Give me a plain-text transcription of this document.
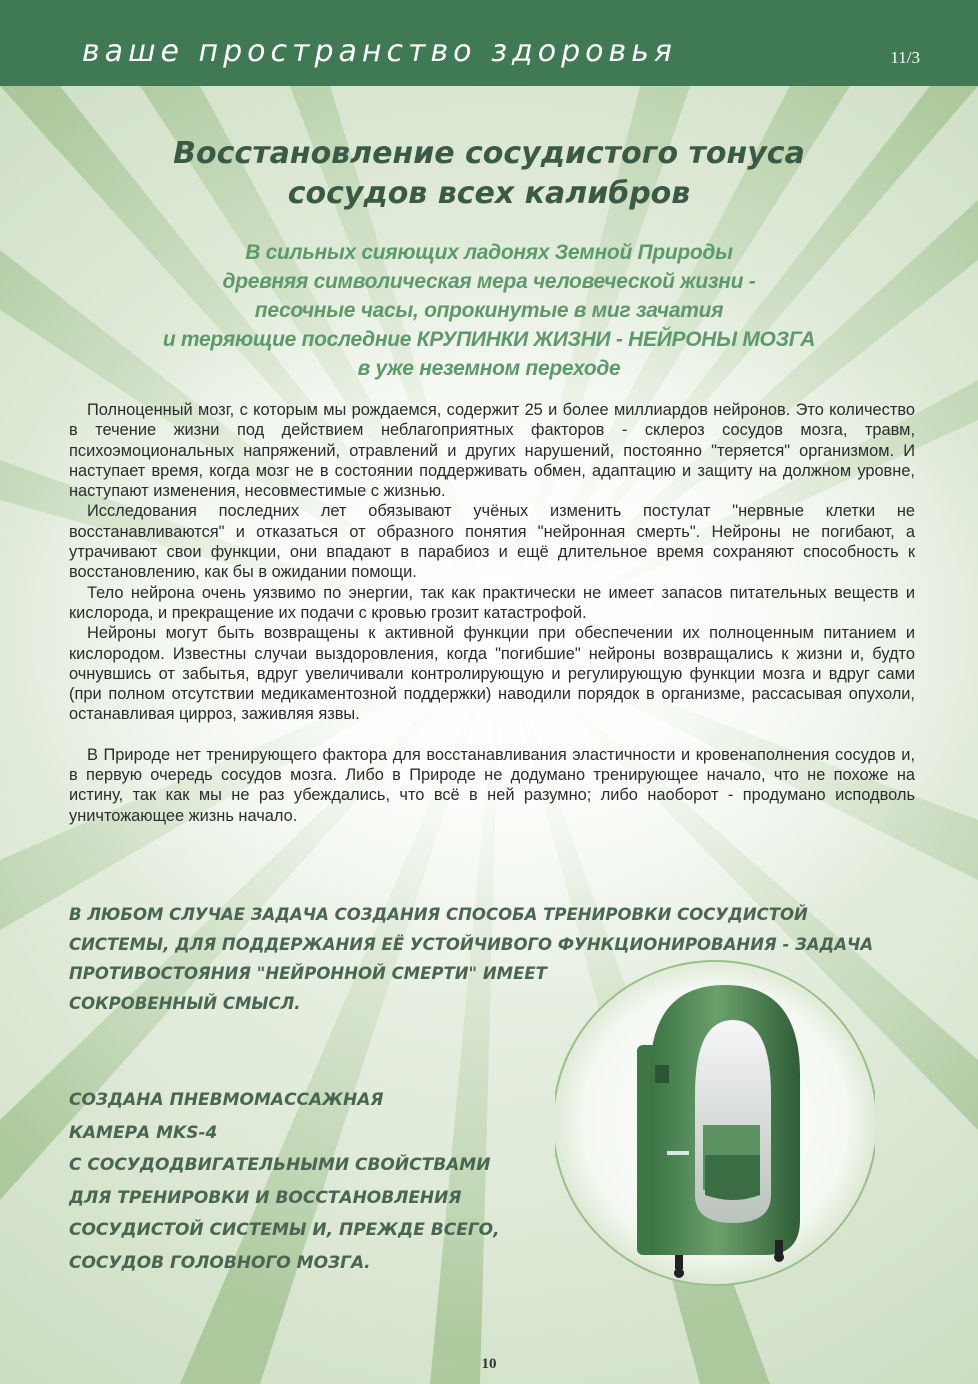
ваше пространство здоровья	11/3
Восстановление сосудистого тонуса
сосудов всех калибров
В сильных сияющих ладонях Земной Природы
древняя символическая мера человеческой жизни -
песочные часы, опрокинутые в миг зачатия
и теряющие последние КРУПИНКИ ЖИЗНИ - НЕЙРОНЫ МОЗГА
в уже неземном переходе

Полноценный мозг, с которым мы рождаемся, содержит 25 и более миллиардов нейронов. Это количество в течение жизни под действием неблагоприятных факторов - склероз сосудов мозга, травм, психоэмоциональных напряжений, отравлений и других нарушений, постоянно "теряется" организмом. И наступает время, когда мозг не в состоянии поддерживать обмен, адаптацию и защиту на должном уровне, наступают изменения, несовместимые с жизнью.

Исследования последних лет обязывают учёных изменить постулат "нервные клетки не восстанавливаются" и отказаться от образного понятия "нейронная смерть". Нейроны не погибают, а утрачивают свои функции, они впадают в парабиоз и ещё длительное время сохраняют способность к восстановлению, как бы в ожидании помощи.

Тело нейрона очень уязвимо по энергии, так как практически не имеет запасов питательных веществ и кислорода, и прекращение их подачи с кровью грозит катастрофой.

Нейроны могут быть возвращены к активной функции при обеспечении их полноценным питанием и кислородом. Известны случаи выздоровления, когда "погибшие" нейроны возвращались к жизни и, будто очнувшись от забытья, вдруг увеличивали контролирующую и регулирующую функции мозга и вдруг сами (при полном отсутствии медикаментозной поддержки) наводили порядок в организме, рассасывая опухоли, останавливая цирроз, заживляя язвы.

В Природе нет тренирующего фактора для восстанавливания эластичности и кровенаполнения сосудов и, в первую очередь сосудов мозга. Либо в Природе не додумано тренирующее начало, что не похоже на истину, так как мы не раз убеждались, что всё в ней разумно; либо наоборот - продумано исподволь уничтожающее жизнь начало.

В ЛЮБОМ СЛУЧАЕ ЗАДАЧА СОЗДАНИЯ СПОСОБА ТРЕНИРОВКИ СОСУДИСТОЙ
СИСТЕМЫ, ДЛЯ ПОДДЕРЖАНИЯ ЕЁ УСТОЙЧИВОГО ФУНКЦИОНИРОВАНИЯ - ЗАДАЧА
ПРОТИВОСТОЯНИЯ "НЕЙРОННОЙ СМЕРТИ" ИМЕЕТ
СОКРОВЕННЫЙ СМЫСЛ.
СОЗДАНА ПНЕВМОМАССАЖНАЯ
КАМЕРА MKS-4
С СОСУДОДВИГАТЕЛЬНЫМИ СВОЙСТВАМИ
ДЛЯ ТРЕНИРОВКИ И ВОССТАНОВЛЕНИЯ
СОСУДИСТОЙ СИСТЕМЫ И, ПРЕЖДЕ ВСЕГО,
СОСУДОВ ГОЛОВНОГО МОЗГА.
10
